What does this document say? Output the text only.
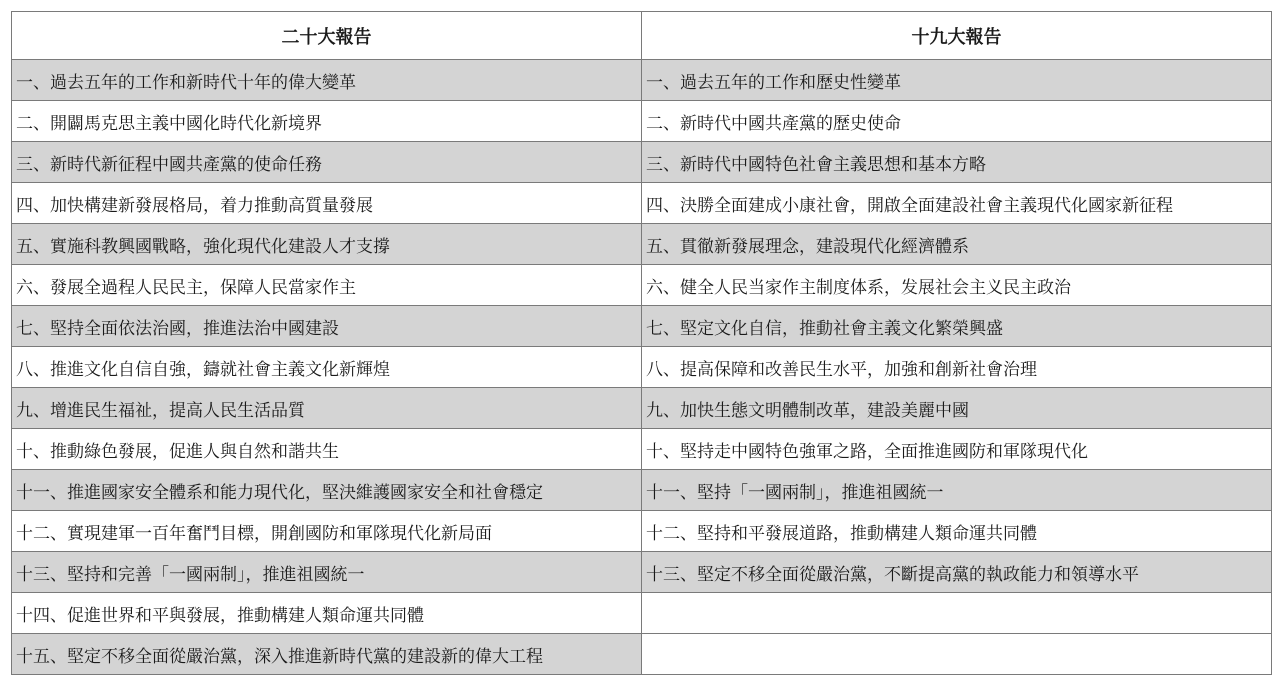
二十大報告	十九大報告
一、過去五年的工作和新時代十年的偉大變革	一、過去五年的工作和歷史性變革
二、開闢馬克思主義中國化時代化新境界	二、新時代中國共產黨的歷史使命
三、新時代新征程中國共產黨的使命任務	三、新時代中國特色社會主義思想和基本方略
四、加快構建新發展格局，着力推動高質量發展	四、決勝全面建成小康社會，開啟全面建設社會主義現代化國家新征程
五、實施科教興國戰略，強化現代化建設人才支撐	五、貫徹新發展理念，建設現代化經濟體系
六、發展全過程人民民主，保障人民當家作主	六、健全人民当家作主制度体系，发展社会主义民主政治
七、堅持全面依法治國，推進法治中國建設	七、堅定文化自信，推動社會主義文化繁榮興盛
八、推進文化自信自強，鑄就社會主義文化新輝煌	八、提高保障和改善民生水平，加強和創新社會治理
九、增進民生福祉，提高人民生活品質	九、加快生態文明體制改革，建設美麗中國
十、推動綠色發展，促進人與自然和諧共生	十、堅持走中國特色強軍之路，全面推進國防和軍隊現代化
十一、推進國家安全體系和能力現代化，堅決維護國家安全和社會穩定	十一、堅持「一國兩制」，推進祖國統一
十二、實現建軍一百年奮鬥目標，開創國防和軍隊現代化新局面	十二、堅持和平發展道路，推動構建人類命運共同體
十三、堅持和完善「一國兩制」，推進祖國統一	十三、堅定不移全面從嚴治黨，不斷提高黨的執政能力和領導水平
十四、促進世界和平與發展，推動構建人類命運共同體	
十五、堅定不移全面從嚴治黨，深入推進新時代黨的建設新的偉大工程	
